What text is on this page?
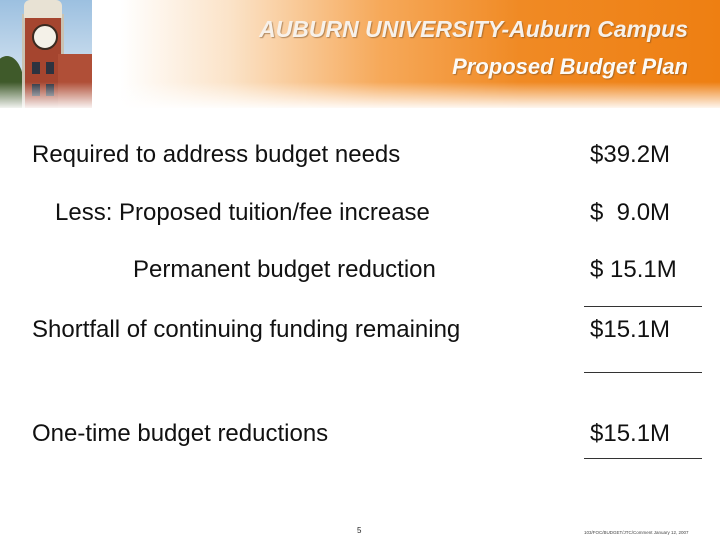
AUBURN UNIVERSITY-Auburn Campus
Proposed Budget Plan
Required to address budget needs	$39.2M
Less: Proposed tuition/fee increase	$  9.0M
Permanent budget reduction	$ 15.1M
Shortfall of continuing funding remaining	$15.1M
One-time budget reductions	$15.1M
5	103/FOC/BUDGET/JTC/Comment January 12, 2007
